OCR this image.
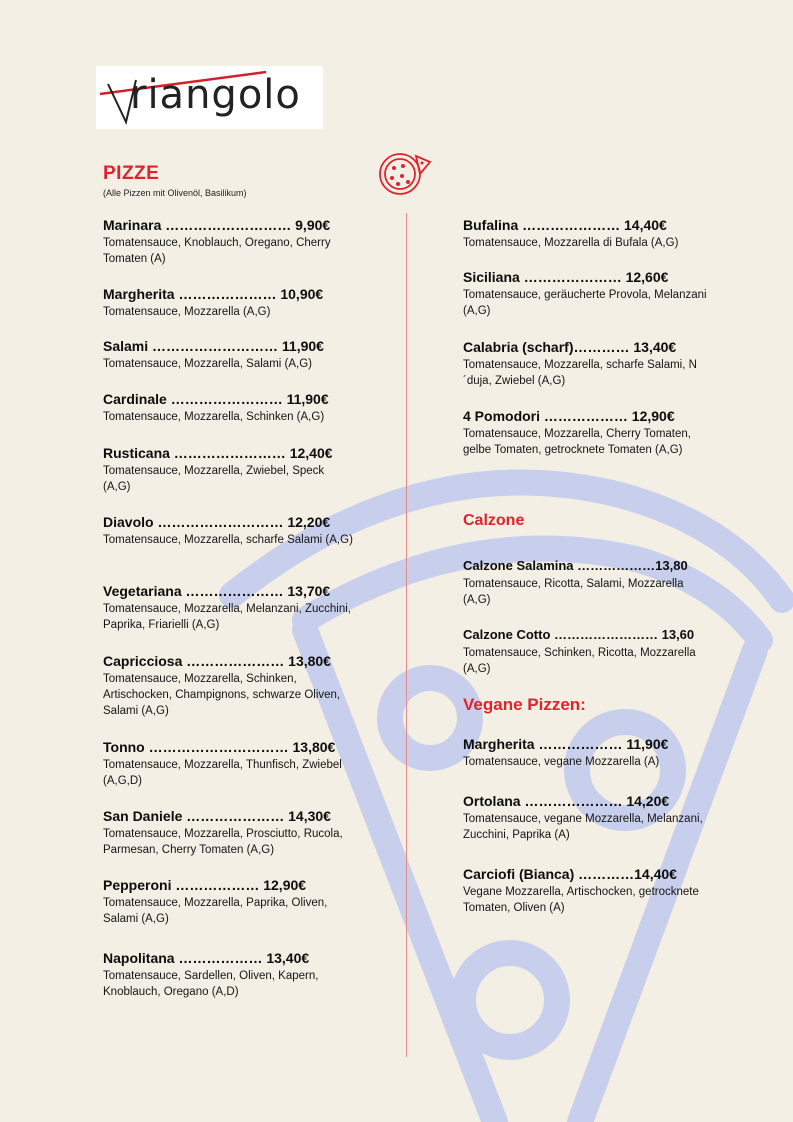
riangolo
PIZZE
(Alle Pizzen mit Olivenöl, Basilikum)
Marinara ……………………… 9,90€
Tomatensauce, Knoblauch, Oregano, Cherry Tomaten (A)
Margherita ………………… 10,90€
Tomatensauce, Mozzarella (A,G)
Salami ……………………… 11,90€
Tomatensauce, Mozzarella, Salami (A,G)
Cardinale …………………… 11,90€
Tomatensauce, Mozzarella, Schinken (A,G)
Rusticana …………………… 12,40€
Tomatensauce, Mozzarella, Zwiebel, Speck (A,G)
Diavolo ……………………… 12,20€
Tomatensauce, Mozzarella, scharfe Salami (A,G)
Vegetariana ………………… 13,70€
Tomatensauce, Mozzarella, Melanzani, Zucchini, Paprika, Friarielli (A,G)
Capricciosa ………………… 13,80€
Tomatensauce, Mozzarella, Schinken, Artischocken, Champignons, schwarze Oliven, Salami (A,G)
Tonno ………………………… 13,80€
Tomatensauce, Mozzarella, Thunfisch, Zwiebel (A,G,D)
San Daniele ………………… 14,30€
Tomatensauce, Mozzarella, Prosciutto, Rucola, Parmesan, Cherry Tomaten (A,G)
Pepperoni ……………… 12,90€
Tomatensauce, Mozzarella, Paprika, Oliven, Salami (A,G)
Napolitana ……………… 13,40€
Tomatensauce, Sardellen, Oliven, Kapern, Knoblauch, Oregano (A,D)
Bufalina ………………… 14,40€
Tomatensauce, Mozzarella di Bufala (A,G)
Siciliana ………………… 12,60€
Tomatensauce, geräucherte Provola, Melanzani (A,G)
Calabria (scharf)………… 13,40€
Tomatensauce, Mozzarella, scharfe Salami, N´duja, Zwiebel (A,G)
4 Pomodori ……………… 12,90€
Tomatensauce, Mozzarella, Cherry Tomaten, gelbe Tomaten, getrocknete Tomaten (A,G)
Calzone
Calzone Salamina ………………13,80
Tomatensauce, Ricotta, Salami, Mozzarella (A,G)
Calzone Cotto …………………… 13,60
Tomatensauce, Schinken, Ricotta, Mozzarella (A,G)
Vegane Pizzen:
Margherita ……………… 11,90€
Tomatensauce, vegane Mozzarella (A)
Ortolana ………………… 14,20€
Tomatensauce, vegane Mozzarella, Melanzani, Zucchini, Paprika (A)
Carciofi (Bianca) …………14,40€
Vegane Mozzarella, Artischocken, getrocknete Tomaten, Oliven (A)
